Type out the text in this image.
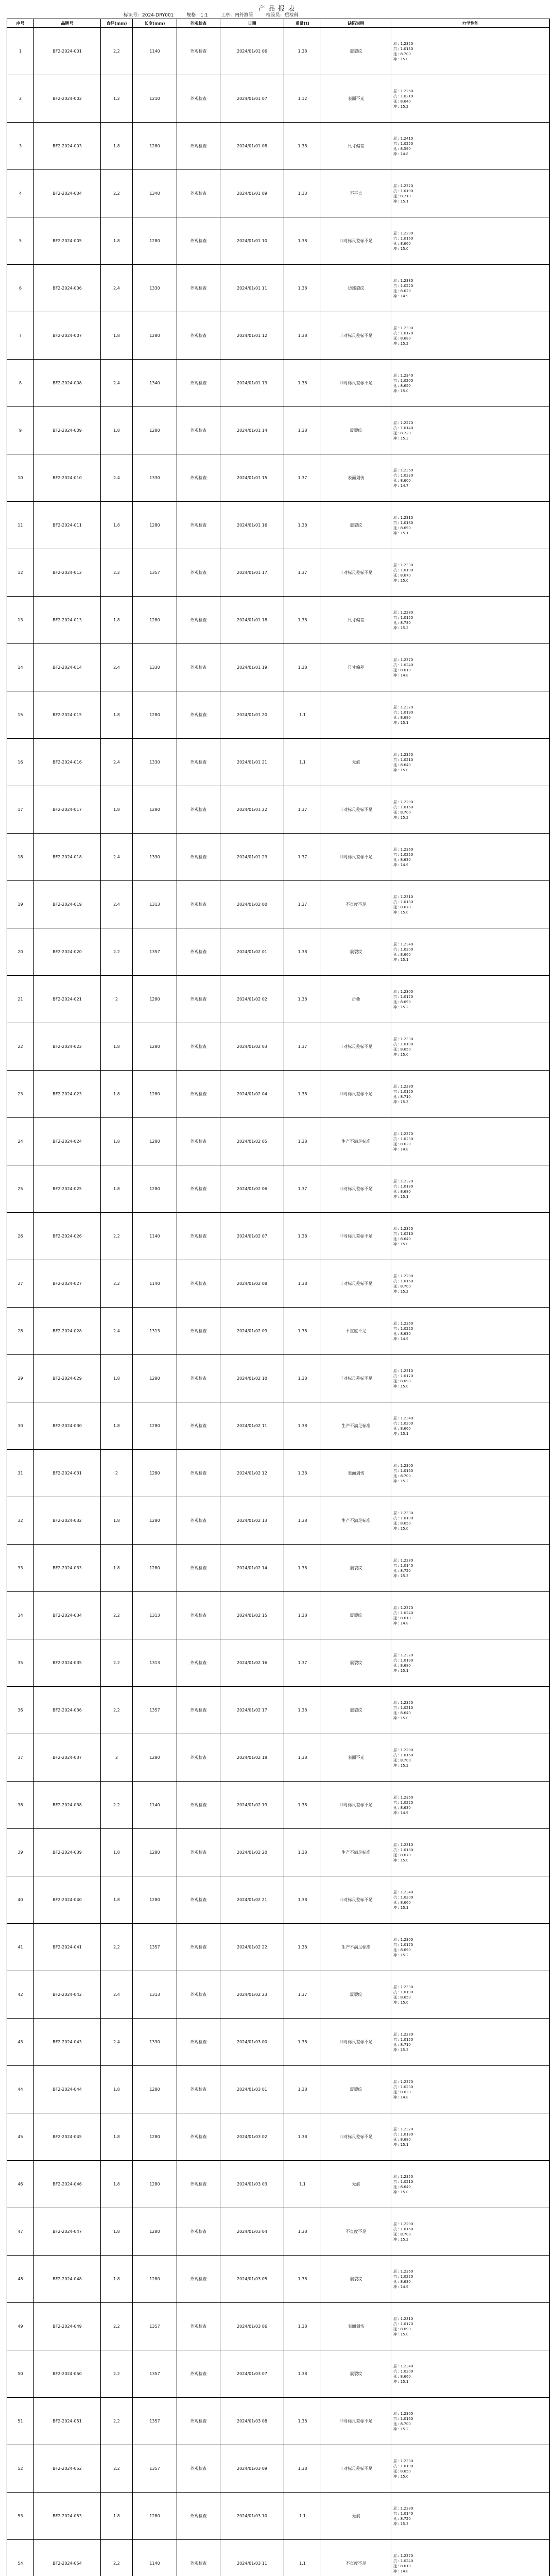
产品报表
标识号：2024-DRY001	规格：1:1	工序：内外测管	检验员：质检科
序号	品牌号	直径(mm)	长度(mm)	外观检查	日期	重量(t)	缺陷说明	力学性能
1	BF2-2024-001	2.2	1140	外观检查	2024/01/01 06	1.38	震裂纹	屈 : 1.2350
抗 : 1.0130
延 : 8.700
冲 : 15.0
2	BF2-2024-002	1.2	1210	外观检查	2024/01/01 07	1.12	表面不光	屈 : 1.2260
抗 : 1.0210
延 : 8.640
冲 : 15.2
3	BF2-2024-003	1.8	1280	外观检查	2024/01/01 08	1.38	尺寸偏差	屈 : 1.2410
抗 : 1.0250
延 : 8.590
冲 : 14.8
4	BF2-2024-004	2.2	1340	外观检查	2024/01/01 09	1.13	不平直	屈 : 1.2320
抗 : 1.0190
延 : 8.710
冲 : 15.1
5	BF2-2024-005	1.8	1280	外观检查	2024/01/01 10	1.38	非对标尺差标不足	屈 : 1.2290
抗 : 1.0160
延 : 8.660
冲 : 15.0
6	BF2-2024-006	2.4	1330	外观检查	2024/01/01 11	1.38	边部裂纹	屈 : 1.2380
抗 : 1.0220
延 : 8.620
冲 : 14.9
7	BF2-2024-007	1.8	1280	外观检查	2024/01/01 12	1.38	非对标尺差标不足	屈 : 1.2300
抗 : 1.0170
延 : 8.680
冲 : 15.2
8	BF2-2024-008	2.4	1340	外观检查	2024/01/01 13	1.38	非对标尺差标不足	屈 : 1.2340
抗 : 1.0200
延 : 8.650
冲 : 15.0
9	BF2-2024-009	1.8	1280	外观检查	2024/01/01 14	1.38	震裂纹	屈 : 1.2270
抗 : 1.0140
延 : 8.720
冲 : 15.3
10	BF2-2024-010	2.4	1330	外观检查	2024/01/01 15	1.37	表面划伤	屈 : 1.2360
抗 : 1.0230
延 : 8.600
冲 : 14.7
11	BF2-2024-011	1.8	1280	外观检查	2024/01/01 16	1.38	震裂纹	屈 : 1.2310
抗 : 1.0180
延 : 8.690
冲 : 15.1
12	BF2-2024-012	2.2	1357	外观检查	2024/01/01 17	1.37	非对标尺差标不足	屈 : 1.2330
抗 : 1.0190
延 : 8.670
冲 : 15.0
13	BF2-2024-013	1.8	1280	外观检查	2024/01/01 18	1.38	尺寸偏差	屈 : 1.2280
抗 : 1.0150
延 : 8.730
冲 : 15.2
14	BF2-2024-014	2.4	1330	外观检查	2024/01/01 19	1.38	尺寸偏差	屈 : 1.2370
抗 : 1.0240
延 : 8.610
冲 : 14.8
15	BF2-2024-015	1.8	1280	外观检查	2024/01/01 20	1.1		屈 : 1.2320
抗 : 1.0190
延 : 8.680
冲 : 15.1
16	BF2-2024-016	2.4	1330	外观检查	2024/01/01 21	1.1	无痕	屈 : 1.2350
抗 : 1.0210
延 : 8.640
冲 : 15.0
17	BF2-2024-017	1.8	1280	外观检查	2024/01/01 22	1.37	非对标尺差标不足	屈 : 1.2290
抗 : 1.0160
延 : 8.700
冲 : 15.2
18	BF2-2024-018	2.4	1330	外观检查	2024/01/01 23	1.37	非对标尺差标不足	屈 : 1.2360
抗 : 1.0220
延 : 8.630
冲 : 14.9
19	BF2-2024-019	2.4	1313	外观检查	2024/01/02 00	1.37	不直度不足	屈 : 1.2310
抗 : 1.0180
延 : 8.670
冲 : 15.0
20	BF2-2024-020	2.2	1357	外观检查	2024/01/02 01	1.38	震裂纹	屈 : 1.2340
抗 : 1.0200
延 : 8.660
冲 : 15.1
21	BF2-2024-021	2	1280	外观检查	2024/01/02 02	1.38	折叠	屈 : 1.2300
抗 : 1.0170
延 : 8.690
冲 : 15.2
22	BF2-2024-022	1.8	1280	外观检查	2024/01/02 03	1.37	非对标尺差标不足	屈 : 1.2330
抗 : 1.0190
延 : 8.650
冲 : 15.0
23	BF2-2024-023	1.8	1280	外观检查	2024/01/02 04	1.38	非对标尺差标不足	屈 : 1.2280
抗 : 1.0150
延 : 8.710
冲 : 15.3
24	BF2-2024-024	1.8	1280	外观检查	2024/01/02 05	1.38	生产不满足标准	屈 : 1.2370
抗 : 1.0230
延 : 8.620
冲 : 14.8
25	BF2-2024-025	1.8	1280	外观检查	2024/01/02 06	1.37	非对标尺差标不足	屈 : 1.2320
抗 : 1.0180
延 : 8.680
冲 : 15.1
26	BF2-2024-026	2.2	1140	外观检查	2024/01/02 07	1.38	非对标尺差标不足	屈 : 1.2350
抗 : 1.0210
延 : 8.640
冲 : 15.0
27	BF2-2024-027	2.2	1140	外观检查	2024/01/02 08	1.38	非对标尺差标不足	屈 : 1.2290
抗 : 1.0160
延 : 8.700
冲 : 15.2
28	BF2-2024-028	2.4	1313	外观检查	2024/01/02 09	1.38	不直度不足	屈 : 1.2360
抗 : 1.0220
延 : 8.630
冲 : 14.9
29	BF2-2024-029	1.8	1280	外观检查	2024/01/02 10	1.38	非对标尺差标不足	屈 : 1.2310
抗 : 1.0170
延 : 8.690
冲 : 15.0
30	BF2-2024-030	1.8	1280	外观检查	2024/01/02 11	1.38	生产不满足标准	屈 : 1.2340
抗 : 1.0200
延 : 8.660
冲 : 15.1
31	BF2-2024-031	2	1280	外观检查	2024/01/02 12	1.38	表面划伤	屈 : 1.2300
抗 : 1.0160
延 : 8.700
冲 : 15.2
32	BF2-2024-032	1.8	1280	外观检查	2024/01/02 13	1.38	生产不满足标准	屈 : 1.2330
抗 : 1.0190
延 : 8.650
冲 : 15.0
33	BF2-2024-033	1.8	1280	外观检查	2024/01/02 14	1.38	震裂纹	屈 : 1.2280
抗 : 1.0140
延 : 8.720
冲 : 15.3
34	BF2-2024-034	2.2	1313	外观检查	2024/01/02 15	1.38	震裂纹	屈 : 1.2370
抗 : 1.0240
延 : 8.610
冲 : 14.8
35	BF2-2024-035	2.2	1313	外观检查	2024/01/02 16	1.37	震裂纹	屈 : 1.2320
抗 : 1.0190
延 : 8.680
冲 : 15.1
36	BF2-2024-036	2.2	1357	外观检查	2024/01/02 17	1.38	震裂纹	屈 : 1.2350
抗 : 1.0210
延 : 8.640
冲 : 15.0
37	BF2-2024-037	2	1280	外观检查	2024/01/02 18	1.38	表面不光	屈 : 1.2290
抗 : 1.0160
延 : 8.700
冲 : 15.2
38	BF2-2024-038	2.2	1140	外观检查	2024/01/02 19	1.38	非对标尺差标不足	屈 : 1.2360
抗 : 1.0220
延 : 8.630
冲 : 14.9
39	BF2-2024-039	1.8	1280	外观检查	2024/01/02 20	1.38	生产不满足标准	屈 : 1.2310
抗 : 1.0180
延 : 8.670
冲 : 15.0
40	BF2-2024-040	1.8	1280	外观检查	2024/01/02 21	1.38	非对标尺差标不足	屈 : 1.2340
抗 : 1.0200
延 : 8.660
冲 : 15.1
41	BF2-2024-041	2.2	1357	外观检查	2024/01/02 22	1.38	生产不满足标准	屈 : 1.2300
抗 : 1.0170
延 : 8.690
冲 : 15.2
42	BF2-2024-042	2.4	1313	外观检查	2024/01/02 23	1.37	震裂纹	屈 : 1.2330
抗 : 1.0190
延 : 8.650
冲 : 15.0
43	BF2-2024-043	2.4	1330	外观检查	2024/01/03 00	1.38	非对标尺差标不足	屈 : 1.2280
抗 : 1.0150
延 : 8.710
冲 : 15.3
44	BF2-2024-044	1.8	1280	外观检查	2024/01/03 01	1.38	震裂纹	屈 : 1.2370
抗 : 1.0230
延 : 8.620
冲 : 14.8
45	BF2-2024-045	1.8	1280	外观检查	2024/01/03 02	1.38	非对标尺差标不足	屈 : 1.2320
抗 : 1.0180
延 : 8.680
冲 : 15.1
46	BF2-2024-046	1.8	1280	外观检查	2024/01/03 03	1.1	无痕	屈 : 1.2350
抗 : 1.0210
延 : 8.640
冲 : 15.0
47	BF2-2024-047	1.8	1280	外观检查	2024/01/03 04	1.38	不直度不足	屈 : 1.2290
抗 : 1.0160
延 : 8.700
冲 : 15.2
48	BF2-2024-048	1.8	1280	外观检查	2024/01/03 05	1.38	震裂纹	屈 : 1.2360
抗 : 1.0220
延 : 8.630
冲 : 14.9
49	BF2-2024-049	2.2	1357	外观检查	2024/01/03 06	1.38	表面划伤	屈 : 1.2310
抗 : 1.0170
延 : 8.690
冲 : 15.0
50	BF2-2024-050	2.2	1357	外观检查	2024/01/03 07	1.38	震裂纹	屈 : 1.2340
抗 : 1.0200
延 : 8.660
冲 : 15.1
51	BF2-2024-051	2.2	1357	外观检查	2024/01/03 08	1.38	非对标尺差标不足	屈 : 1.2300
抗 : 1.0160
延 : 8.700
冲 : 15.2
52	BF2-2024-052	2.2	1357	外观检查	2024/01/03 09	1.38	非对标尺差标不足	屈 : 1.2330
抗 : 1.0190
延 : 8.650
冲 : 15.0
53	BF2-2024-053	1.8	1280	外观检查	2024/01/03 10	1.1	无痕	屈 : 1.2280
抗 : 1.0140
延 : 8.720
冲 : 15.3
54	BF2-2024-054	2.2	1140	外观检查	2024/01/03 11	1.1	不直度不足	屈 : 1.2370
抗 : 1.0240
延 : 8.610
冲 : 14.8
